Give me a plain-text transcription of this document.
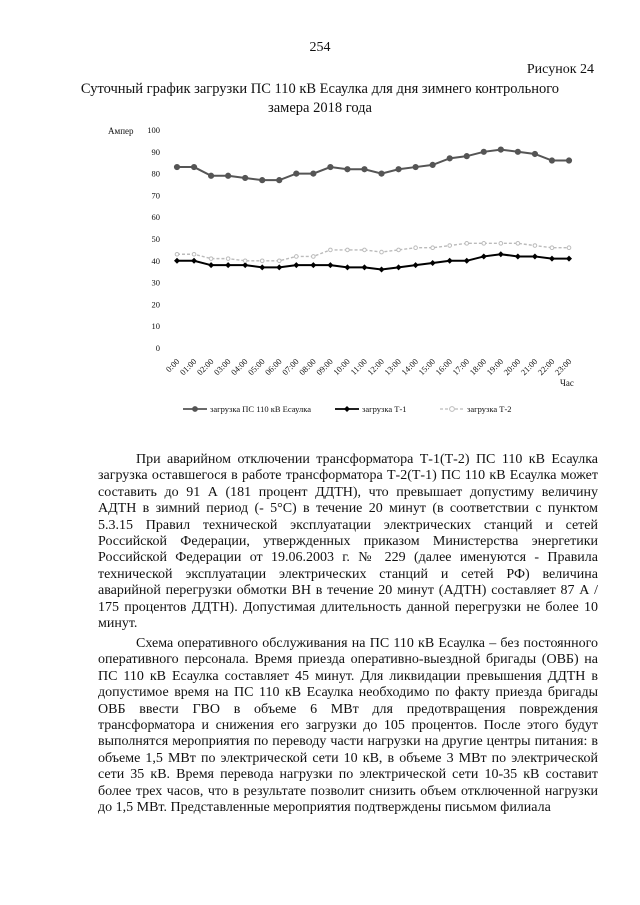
254
Рисунок 24
Суточный график загрузки ПС 110 кВ Есаулка для дня зимнего контрольного замера 2018 года
0
10
20
30
40
50
60
70
80
90
100
0:00
01:00
02:00
03:00
04:00
05:00
06:00
07:00
08:00
09:00
10:00
11:00
12:00
13:00
14:00
15:00
16:00
17:00
18:00
19:00
20:00
21:00
22:00
23:00
Ампер
Час
загрузка ПС 110 кВ Есаулка	загрузка Т-1	загрузка Т-2

При аварийном отключении трансформатора Т-1(Т-2) ПС 110 кВ Есаулка загрузка оставшегося в работе трансформатора Т-2(Т-1) ПС 110 кВ Есаулка может составить до 91 А (181 процент ДДТН), что превышает допустиму величину АДТН в зимний период (- 5°С) в течение 20 минут (в соответствии с пунктом 5.3.15 Правил технической эксплуатации электрических станций и сетей Российской Федерации, утвержденных приказом Министерства энергетики Российской Федерации от 19.06.2003 г. № 229 (далее именуются - Правила технической эксплуатации электрических станций и сетей РФ) величина аварийной перегрузки обмотки ВН в течение 20 минут (АДТН) составляет 87 А / 175 процентов ДДТН). Допустимая длительность данной перегрузки не более 10 минут.

Схема оперативного обслуживания на ПС 110 кВ Есаулка – без постоянного оперативного персонала. Время приезда оперативно-выездной бригады (ОВБ) на ПС 110 кВ Есаулка составляет 45 минут. Для ликвидации превышения ДДТН в допустимое время на ПС 110 кВ Есаулка необходимо по факту приезда бригады ОВБ ввести ГВО в объеме 6 МВт для предотвращения повреждения трансформатора и снижения его загрузки до 105 процентов. После этого будут выполнятся мероприятия по переводу части нагрузки на другие центры питания: в объеме 1,5 МВт по электрической сети 10 кВ, в объеме 3 МВт по электрической сети 35 кВ. Время перевода нагрузки по электрической сети 10-35 кВ составит более трех часов, что в результате позволит снизить объем отключенной нагрузки до 1,5 МВт. Представленные мероприятия подтверждены письмом филиала
